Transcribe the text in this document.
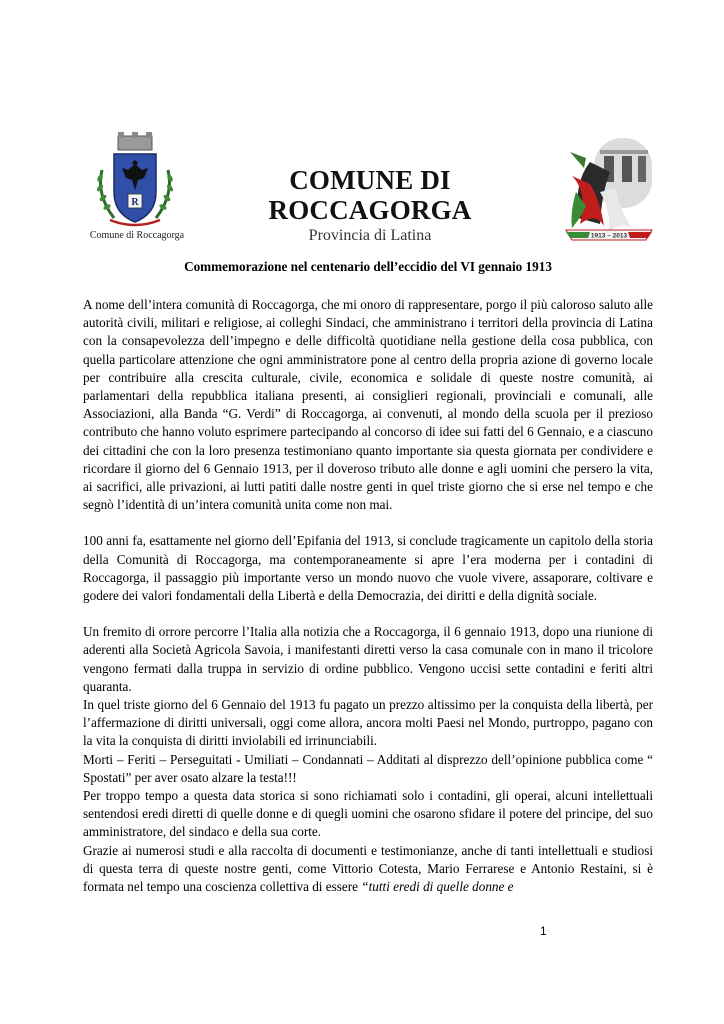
R
Comune di Roccagorga
COMUNE DI ROCCAGORGA
Provincia di Latina	1913 – 2013
Commemorazione nel centenario dell’eccidio del VI gennaio 1913

A nome dell’intera comunità di Roccagorga, che mi onoro di rappresentare, porgo il più caloroso saluto alle autorità civili, militari e religiose, ai colleghi Sindaci, che amministrano i territori della provincia di Latina con la consapevolezza dell’impegno e delle difficoltà quotidiane nella gestione della cosa pubblica, con quella particolare attenzione che ogni amministratore pone al centro della propria azione di governo locale per contribuire alla crescita culturale, civile, economica e solidale di queste nostre comunità, ai parlamentari della repubblica italiana presenti, ai consiglieri regionali, provinciali e comunali, alle Associazioni, alla Banda “G. Verdi” di Roccagorga, ai convenuti, al mondo della scuola per il prezioso contributo che hanno voluto esprimere partecipando al concorso di idee sui fatti del 6 Gennaio, e a ciascuno dei cittadini che con la loro presenza testimoniano quanto importante sia questa giornata per condividere e ricordare il giorno del 6 Gennaio 1913, per il doveroso tributo alle donne e agli uomini che persero la vita, ai sacrifici, alle privazioni, ai lutti patiti dalle nostre genti in quel triste giorno che si erse nel tempo e che segnò l’identità di un’intera comunità unita come non mai.

100 anni fa, esattamente nel giorno dell’Epifania del 1913, si conclude tragicamente un capitolo della storia della Comunità di Roccagorga, ma contemporaneamente si apre l’era moderna per i contadini di Roccagorga, il passaggio più importante verso un mondo nuovo che vuole vivere, assaporare, coltivare e godere dei valori fondamentali della Libertà e della Democrazia, dei diritti e della dignità sociale.

Un fremito di orrore percorre l’Italia alla notizia che a Roccagorga, il 6 gennaio 1913, dopo una riunione di aderenti alla Società Agricola Savoia, i manifestanti diretti verso la casa comunale con in mano il tricolore vengono fermati dalla truppa in servizio di ordine pubblico. Vengono uccisi sette contadini e feriti altri quaranta.

In quel triste giorno del 6 Gennaio del 1913 fu pagato un prezzo altissimo per la conquista della libertà, per l’affermazione di diritti universali, oggi come allora, ancora molti Paesi nel Mondo, purtroppo, pagano con la vita la conquista di diritti inviolabili ed irrinunciabili.

Morti – Feriti – Perseguitati - Umiliati – Condannati – Additati al disprezzo dell’opinione pubblica come “ Spostati” per aver osato alzare la testa!!!

Per troppo tempo a questa data storica si sono richiamati solo i contadini, gli operai, alcuni intellettuali sentendosi eredi diretti di quelle donne e di quegli uomini che osarono sfidare il potere del principe, del suo amministratore, del sindaco e della sua corte.

Grazie ai numerosi studi e alla raccolta di documenti e testimonianze, anche di tanti intellettuali e studiosi di questa terra di queste nostre genti, come Vittorio Cotesta, Mario Ferrarese e Antonio Restaini, si è formata nel tempo una coscienza collettiva di essere “tutti eredi di quelle donne e

1
